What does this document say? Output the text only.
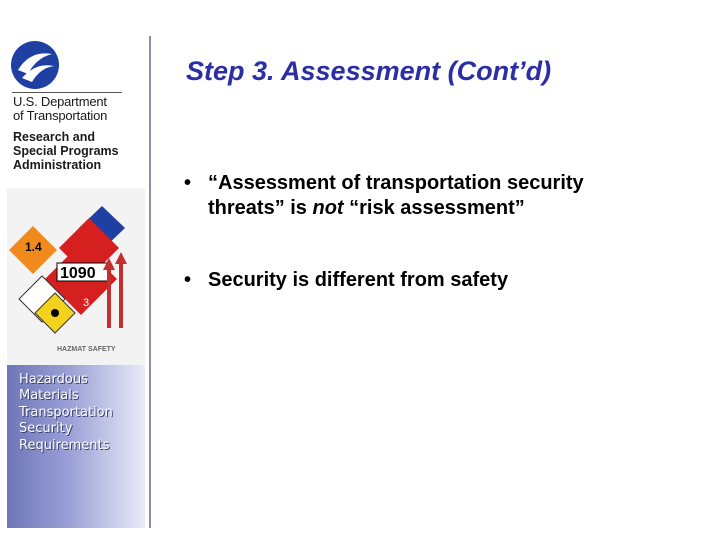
U.S. Department
of Transportation
Research and
Special Programs
Administration
1.4
1090
3
HAZMAT SAFETY
Hazardous
Materials
Transportation
Security
Requirements
Step 3. Assessment (Cont’d)
• “Assessment of transportation security
threats” is not “risk assessment”
• Security is different from safety
